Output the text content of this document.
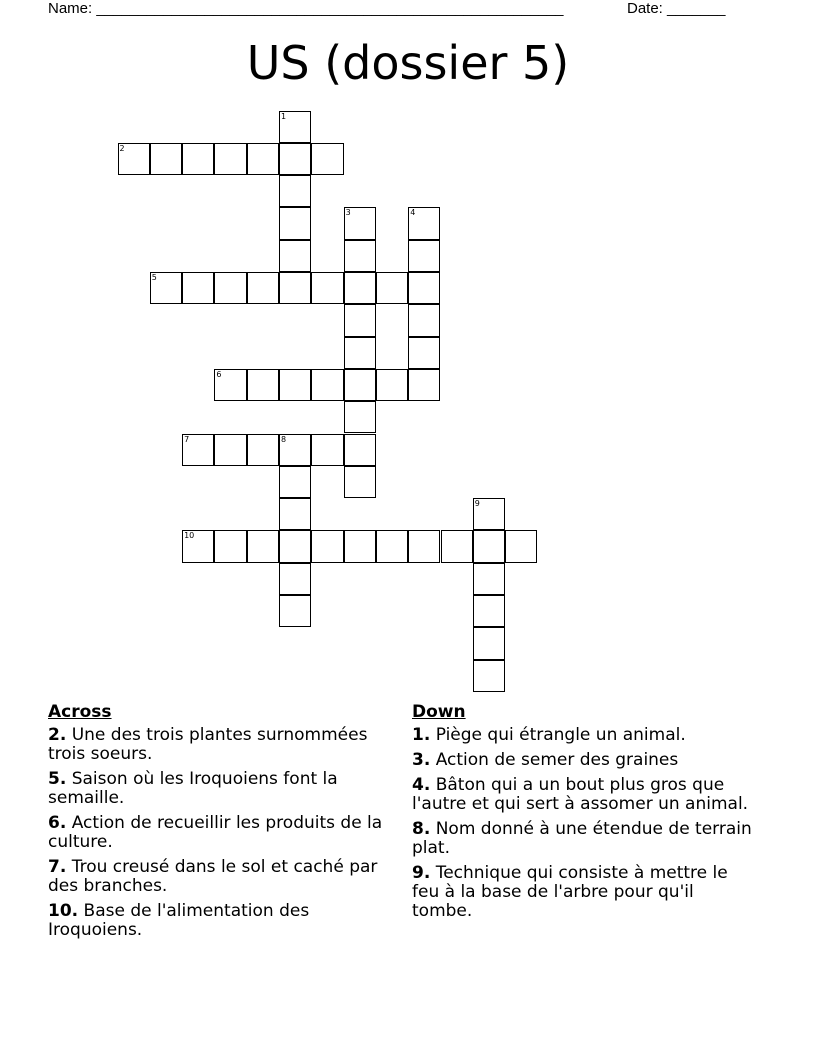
Name: ________________________________________________________	Date: _______
US (dossier 5)
1
2
3	4
5
6
7	8
9
10
Across
2. Une des trois plantes surnommées trois soeurs.
5. Saison où les Iroquoiens font la semaille.
6. Action de recueillir les produits de la culture.
7. Trou creusé dans le sol et caché par des branches.
10. Base de l'alimentation des Iroquoiens.
Down
1. Piège qui étrangle un animal.
3. Action de semer des graines
4. Bâton qui a un bout plus gros que l'autre et qui sert à assomer un animal.
8. Nom donné à une étendue de terrain plat.
9. Technique qui consiste à mettre le feu à la base de l'arbre pour qu'il tombe.
